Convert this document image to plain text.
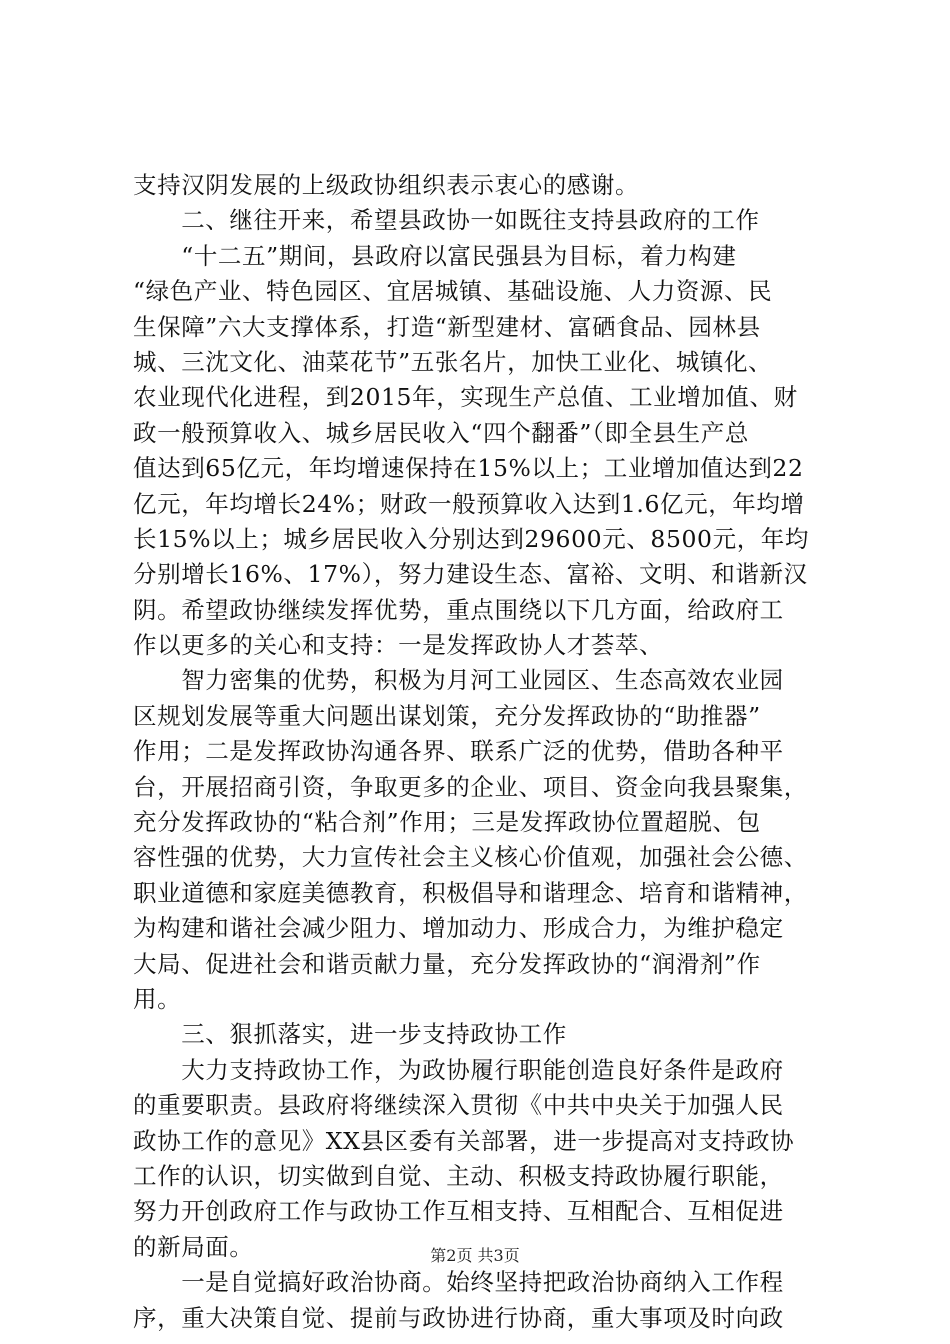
支持汉阴发展的上级政协组织表示衷心的感谢。
　　二、继往开来，希望县政协一如既往支持县政府的工作
　　“十二五”期间，县政府以富民强县为目标，着力构建
“绿色产业、特色园区、宜居城镇、基础设施、人力资源、民
生保障”六大支撑体系，打造“新型建材、富硒食品、园林县
城、三沈文化、油菜花节”五张名片，加快工业化、城镇化、
农业现代化进程，到2015年，实现生产总值、工业增加值、财
政一般预算收入、城乡居民收入“四个翻番”（即全县生产总
值达到65亿元，年均增速保持在15%以上；工业增加值达到22
亿元，年均增长24%；财政一般预算收入达到1.6亿元，年均增
长15%以上；城乡居民收入分别达到29600元、8500元，年均
分别增长16%、17%），努力建设生态、富裕、文明、和谐新汉
阴。希望政协继续发挥优势，重点围绕以下几方面，给政府工
作以更多的关心和支持：一是发挥政协人才荟萃、
　　智力密集的优势，积极为月河工业园区、生态高效农业园
区规划发展等重大问题出谋划策，充分发挥政协的“助推器”
作用；二是发挥政协沟通各界、联系广泛的优势，借助各种平
台，开展招商引资，争取更多的企业、项目、资金向我县聚集，
充分发挥政协的“粘合剂”作用；三是发挥政协位置超脱、包
容性强的优势，大力宣传社会主义核心价值观，加强社会公德、
职业道德和家庭美德教育，积极倡导和谐理念、培育和谐精神，
为构建和谐社会减少阻力、增加动力、形成合力，为维护稳定
大局、促进社会和谐贡献力量，充分发挥政协的“润滑剂”作
用。
　　三、狠抓落实，进一步支持政协工作
　　大力支持政协工作，为政协履行职能创造良好条件是政府
的重要职责。县政府将继续深入贯彻《中共中央关于加强人民
政协工作的意见》XX县区委有关部署，进一步提高对支持政协
工作的认识，切实做到自觉、主动、积极支持政协履行职能，
努力开创政府工作与政协工作互相支持、互相配合、互相促进
的新局面。
　　一是自觉搞好政治协商。始终坚持把政治协商纳入工作程
序，重大决策自觉、提前与政协进行协商，重大事项及时向政
第2页 共3页
